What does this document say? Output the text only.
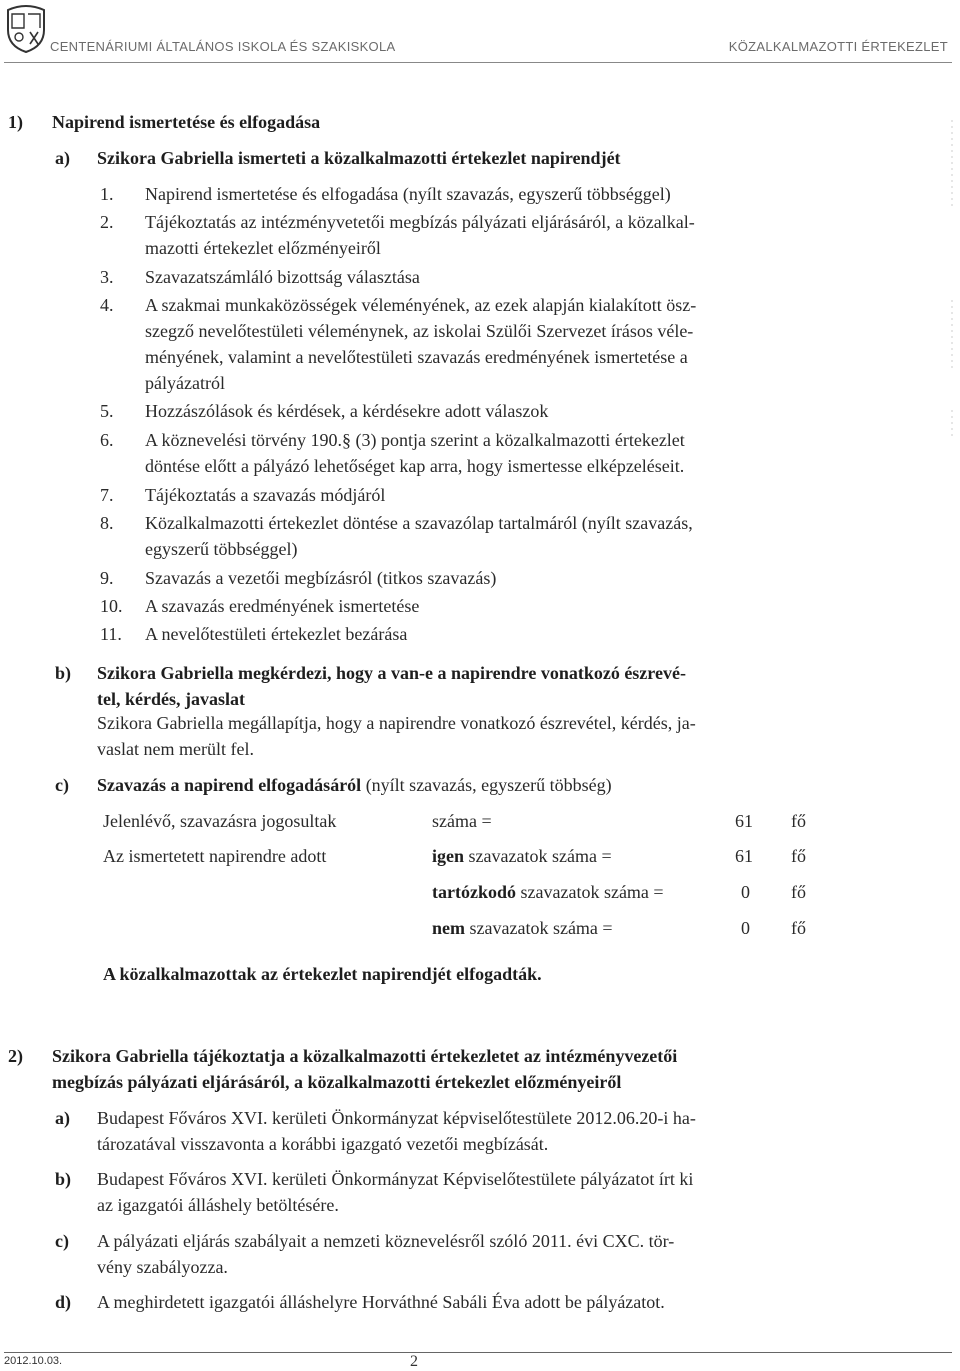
CENTENÁRIUMI ÁLTALÁNOS ISKOLA ÉS SZAKISKOLA	KÖZALKALMAZOTTI ÉRTEKEZLET
1) Napirend ismertetése és elfogadása
a) Szikora Gabriella ismerteti a közalkalmazotti értekezlet napirendjét
1. Napirend ismertetése és elfogadása (nyílt szavazás, egyszerű többséggel)
2. Tájékoztatás az intézményvetetői megbízás pályázati eljárásáról, a közalkal-
mazotti értekezlet előzményeiről
3. Szavazatszámláló bizottság választása
4. A szakmai munkaközösségek véleményének, az ezek alapján kialakított ösz-
szegző nevelőtestületi véleménynek, az iskolai Szülői Szervezet írásos véle-
ményének, valamint a nevelőtestületi szavazás eredményének ismertetése a
pályázatról
5. Hozzászólások és kérdések, a kérdésekre adott válaszok
6. A köznevelési törvény 190.§ (3) pontja szerint a közalkalmazotti értekezlet
döntése előtt a pályázó lehetőséget kap arra, hogy ismertesse elképzeléseit.
7. Tájékoztatás a szavazás módjáról
8. Közalkalmazotti értekezlet döntése a szavazólap tartalmáról (nyílt szavazás,
egyszerű többséggel)
9. Szavazás a vezetői megbízásról (titkos szavazás)
10. A szavazás eredményének ismertetése
11. A nevelőtestületi értekezlet bezárása
b) Szikora Gabriella megkérdezi, hogy a van-e a napirendre vonatkozó észrevé-
tel, kérdés, javaslat
Szikora Gabriella megállapítja, hogy a napirendre vonatkozó észrevétel, kérdés, ja-
vaslat nem merült fel.
c) Szavazás a napirend elfogadásáról (nyílt szavazás, egyszerű többség)
Jelenlévő, szavazásra jogosultak	száma =	61 fő
Az ismertetett napirendre adott	igen szavazatok száma =	61 fő
tartózkodó szavazatok száma =	0 fő
nem szavazatok száma =	0 fő
A közalkalmazottak az értekezlet napirendjét elfogadták.
2) Szikora Gabriella tájékoztatja a közalkalmazotti értekezletet az intézményvezetői
megbízás pályázati eljárásáról, a közalkalmazotti értekezlet előzményeiről
a) Budapest Főváros XVI. kerületi Önkormányzat képviselőtestülete 2012.06.20-i ha-
tározatával visszavonta a korábbi igazgató vezetői megbízását.
b) Budapest Főváros XVI. kerületi Önkormányzat Képviselőtestülete pályázatot írt ki
az igazgatói álláshely betöltésére.
c) A pályázati eljárás szabályait a nemzeti köznevelésről szóló 2011. évi CXC. tör-
vény szabályozza.
d) A meghirdetett igazgatói álláshelyre Horváthné Sabáli Éva adott be pályázatot.
2012.10.03.	2
